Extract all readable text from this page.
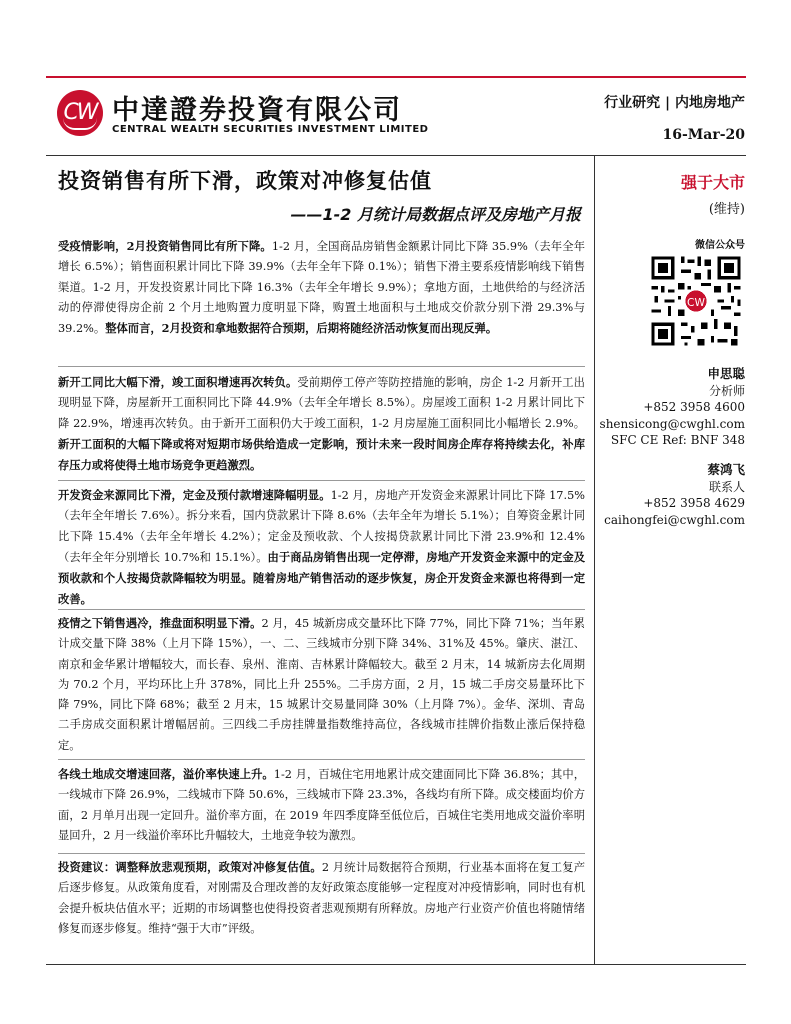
CW 中達證券投資有限公司
CENTRAL WEALTH SECURITIES INVESTMENT LIMITED
行业研究 | 内地房地产
16-Mar-20
投资销售有所下滑，政策对冲修复估值
——1-2 月统计局数据点评及房地产月报
强于大市
(维持)
微信公众号
CW
申思聪
分析师
+852 3958 4600
shensicong@cwghl.com
SFC CE Ref: BNF 348
蔡鸿飞
联系人
+852 3958 4629
caihongfei@cwghl.com
受疫情影响，2月投资销售同比有所下降。1-2 月，全国商品房销售金额累计同比下降 35.9%（去年全年增长 6.5%）；销售面积累计同比下降 39.9%（去年全年下降 0.1%）；销售下滑主要系疫情影响线下销售渠道。1-2 月，开发投资累计同比下降 16.3%（去年全年增长 9.9%）；拿地方面，土地供给的与经济活动的停滞使得房企前 2 个月土地购置力度明显下降，购置土地面积与土地成交价款分别下滑 29.3%与 39.2%。整体而言，2月投资和拿地数据符合预期，后期将随经济活动恢复而出现反弹。
新开工同比大幅下滑，竣工面积增速再次转负。受前期停工停产等防控措施的影响，房企 1-2 月新开工出现明显下降，房屋新开工面积同比下降 44.9%（去年全年增长 8.5%）。房屋竣工面积 1-2 月累计同比下降 22.9%，增速再次转负。由于新开工面积仍大于竣工面积，1-2 月房屋施工面积同比小幅增长 2.9%。新开工面积的大幅下降或将对短期市场供给造成一定影响，预计未来一段时间房企库存将持续去化，补库存压力或将使得土地市场竞争更趋激烈。
开发资金来源同比下滑，定金及预付款增速降幅明显。1-2 月，房地产开发资金来源累计同比下降 17.5%（去年全年增长 7.6%）。拆分来看，国内贷款累计下降 8.6%（去年全年为增长 5.1%）；自筹资金累计同比下降 15.4%（去年全年增长 4.2%）；定金及预收款、个人按揭贷款累计同比下滑 23.9%和 12.4%（去年全年分别增长 10.7%和 15.1%）。由于商品房销售出现一定停滞，房地产开发资金来源中的定金及预收款和个人按揭贷款降幅较为明显。随着房地产销售活动的逐步恢复，房企开发资金来源也将得到一定改善。
疫情之下销售遇冷，推盘面积明显下滑。2 月，45 城新房成交量环比下降 77%，同比下降 71%；当年累计成交量下降 38%（上月下降 15%），一、二、三线城市分别下降 34%、31%及 45%。肇庆、湛江、南京和金华累计增幅较大，而长春、泉州、淮南、吉林累计降幅较大。截至 2 月末，14 城新房去化周期为 70.2 个月，平均环比上升 378%，同比上升 255%。二手房方面，2 月，15 城二手房交易量环比下降 79%，同比下降 68%；截至 2 月末，15 城累计交易量同降 30%（上月降 7%）。金华、深圳、青岛二手房成交面积累计增幅居前。三四线二手房挂牌量指数维持高位，各线城市挂牌价指数止涨后保持稳定。
各线土地成交增速回落，溢价率快速上升。1-2 月，百城住宅用地累计成交建面同比下降 36.8%；其中，一线城市下降 26.9%，二线城市下降 50.6%，三线城市下降 23.3%，各线均有所下降。成交楼面均价方面，2 月单月出现一定回升。溢价率方面，在 2019 年四季度降至低位后，百城住宅类用地成交溢价率明显回升，2 月一线溢价率环比升幅较大，土地竞争较为激烈。
投资建议：调整释放悲观预期，政策对冲修复估值。2 月统计局数据符合预期，行业基本面将在复工复产后逐步修复。从政策角度看，对刚需及合理改善的友好政策态度能够一定程度对冲疫情影响，同时也有机会提升板块估值水平；近期的市场调整也使得投资者悲观预期有所释放。房地产行业资产价值也将随情绪修复而逐步修复。维持“强于大市”评级。
